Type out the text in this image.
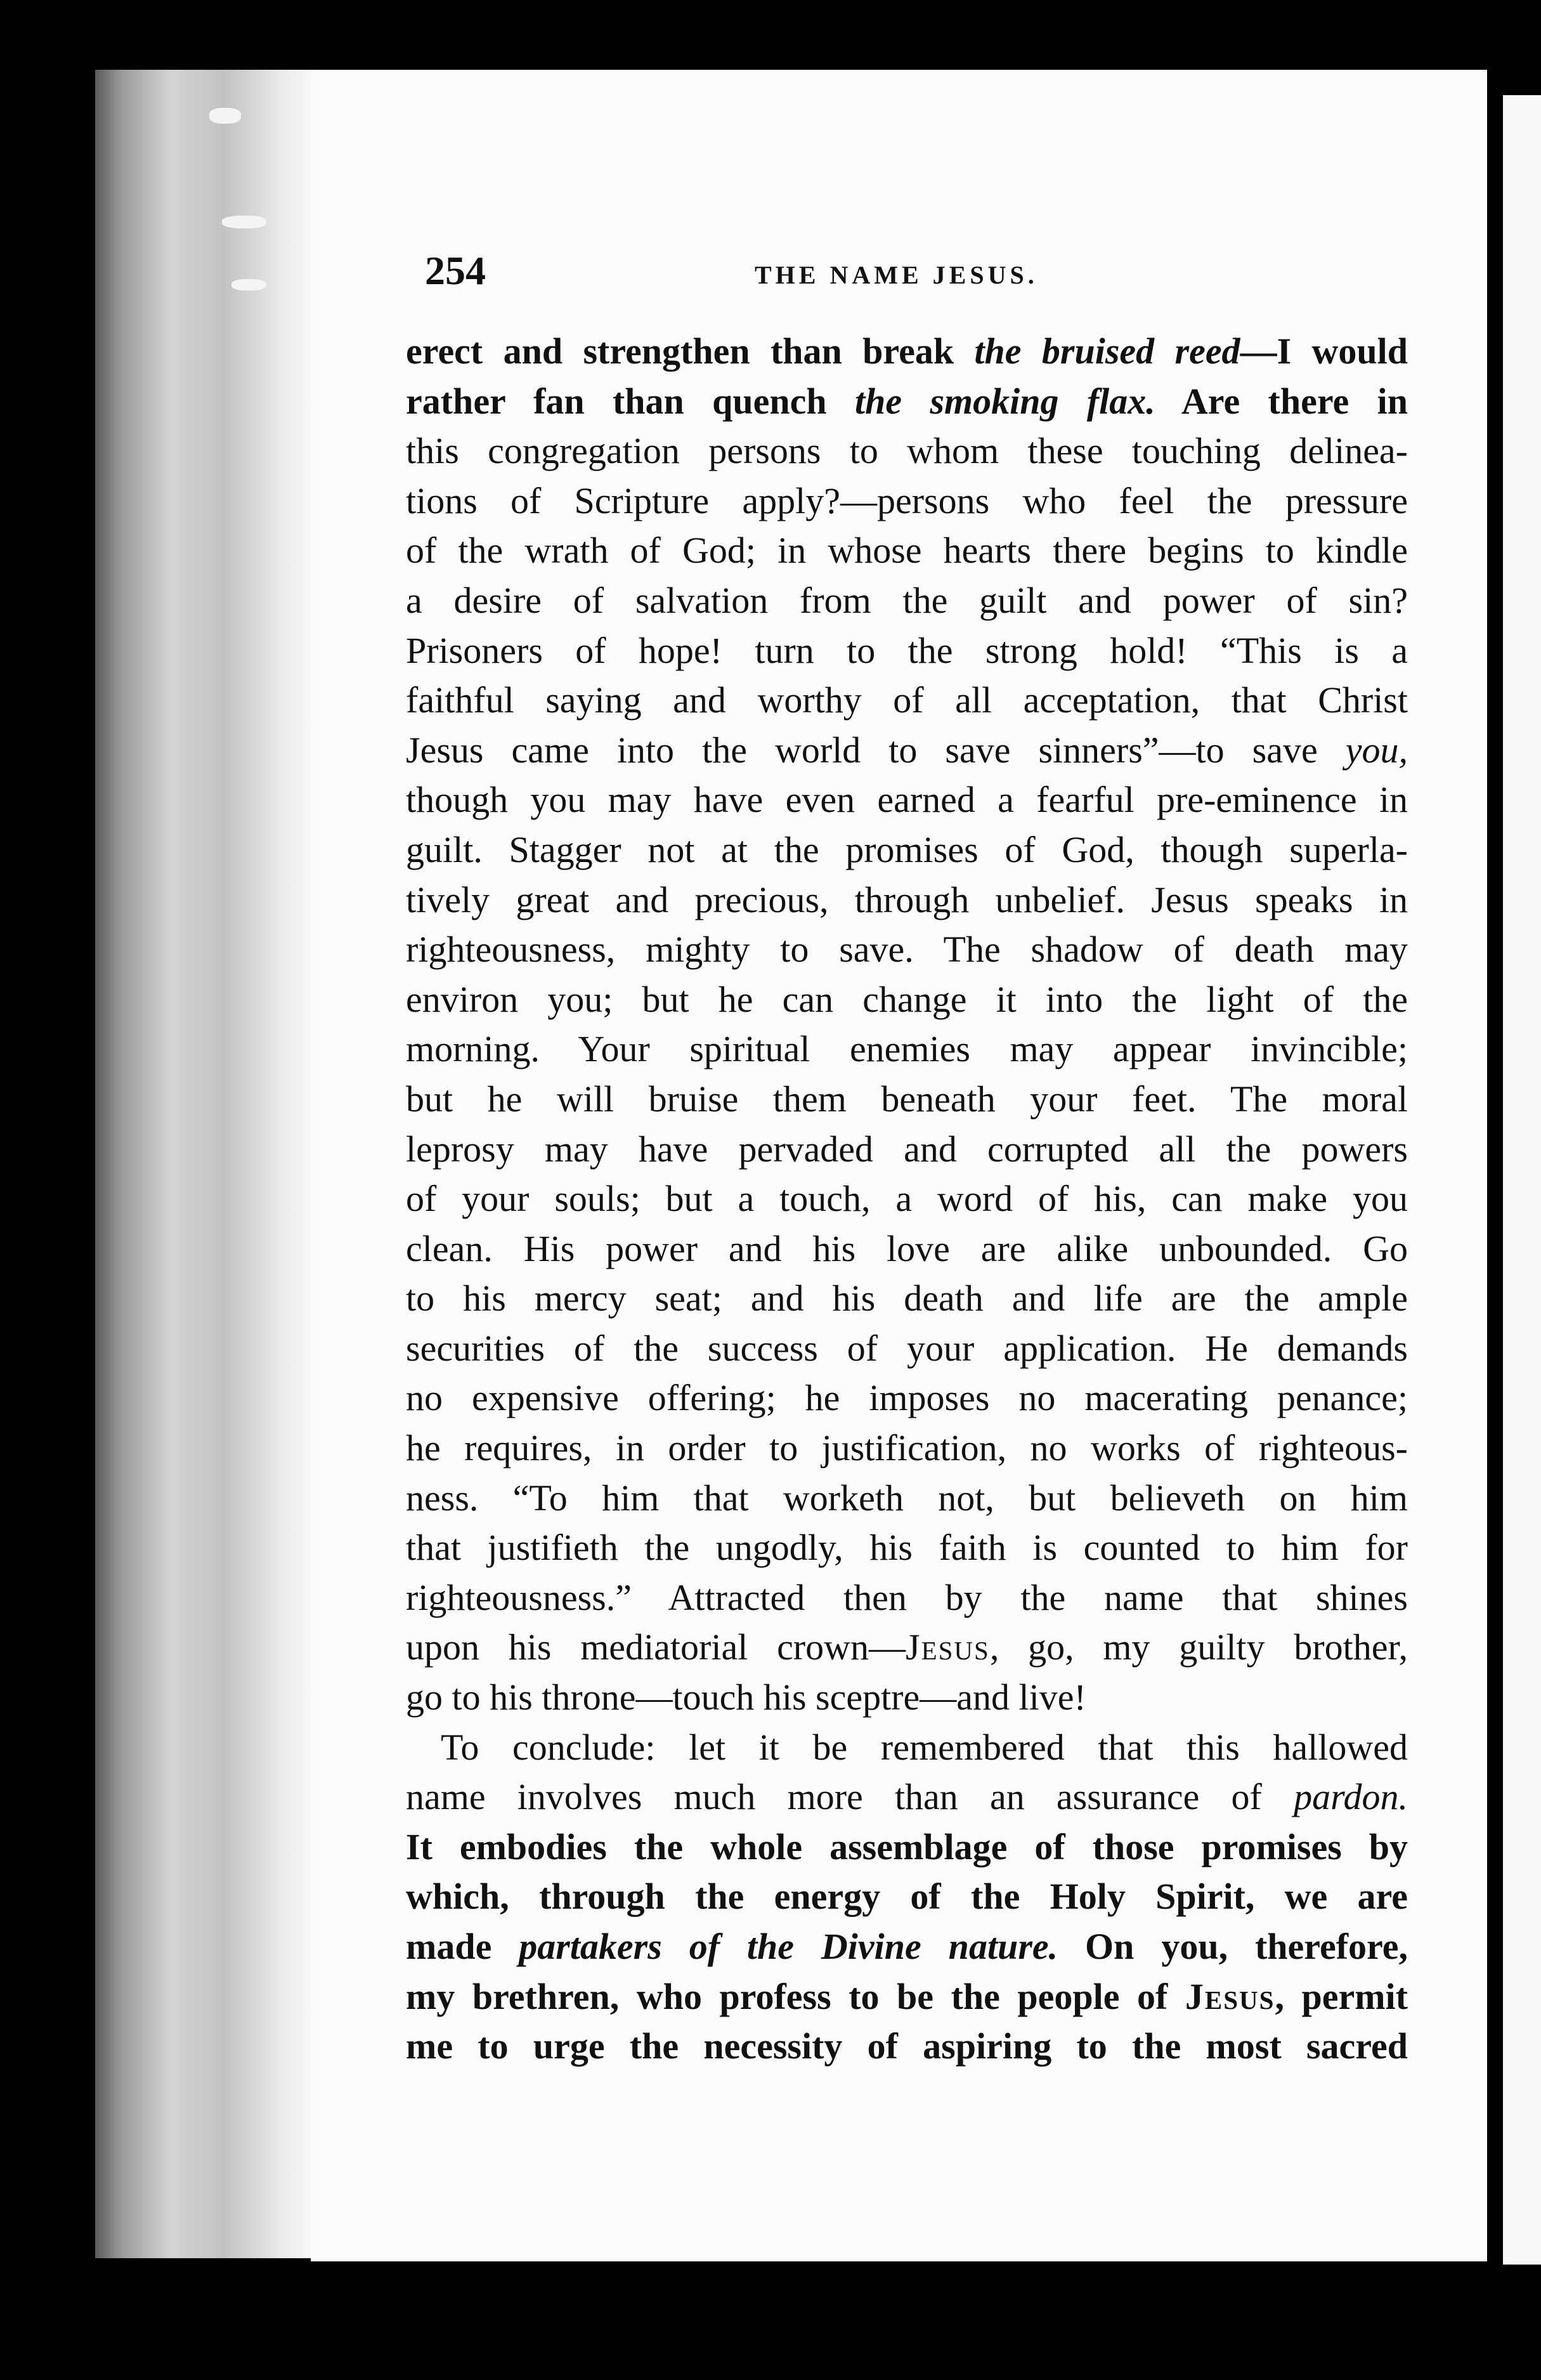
254	THE NAME JESUS.
erect and strengthen than break the bruised reed—I would
rather fan than quench the smoking flax. Are there in
this congregation persons to whom these touching delinea-
tions of Scripture apply?—persons who feel the pressure
of the wrath of God; in whose hearts there begins to kindle
a desire of salvation from the guilt and power of sin?
Prisoners of hope! turn to the strong hold! “This is a
faithful saying and worthy of all acceptation, that Christ
Jesus came into the world to save sinners”—to save you,
though you may have even earned a fearful pre-eminence in
guilt. Stagger not at the promises of God, though superla-
tively great and precious, through unbelief. Jesus speaks in
righteousness, mighty to save. The shadow of death may
environ you; but he can change it into the light of the
morning. Your spiritual enemies may appear invincible;
but he will bruise them beneath your feet. The moral
leprosy may have pervaded and corrupted all the powers
of your souls; but a touch, a word of his, can make you
clean. His power and his love are alike unbounded. Go
to his mercy seat; and his death and life are the ample
securities of the success of your application. He demands
no expensive offering; he imposes no macerating penance;
he requires, in order to justification, no works of righteous-
ness. “To him that worketh not, but believeth on him
that justifieth the ungodly, his faith is counted to him for
righteousness.” Attracted then by the name that shines
upon his mediatorial crown—Jesus, go, my guilty brother,
go to his throne—touch his sceptre—and live!
To conclude: let it be remembered that this hallowed
name involves much more than an assurance of pardon.
It embodies the whole assemblage of those promises by
which, through the energy of the Holy Spirit, we are
made partakers of the Divine nature. On you, therefore,
my brethren, who profess to be the people of Jesus, permit
me to urge the necessity of aspiring to the most sacred
